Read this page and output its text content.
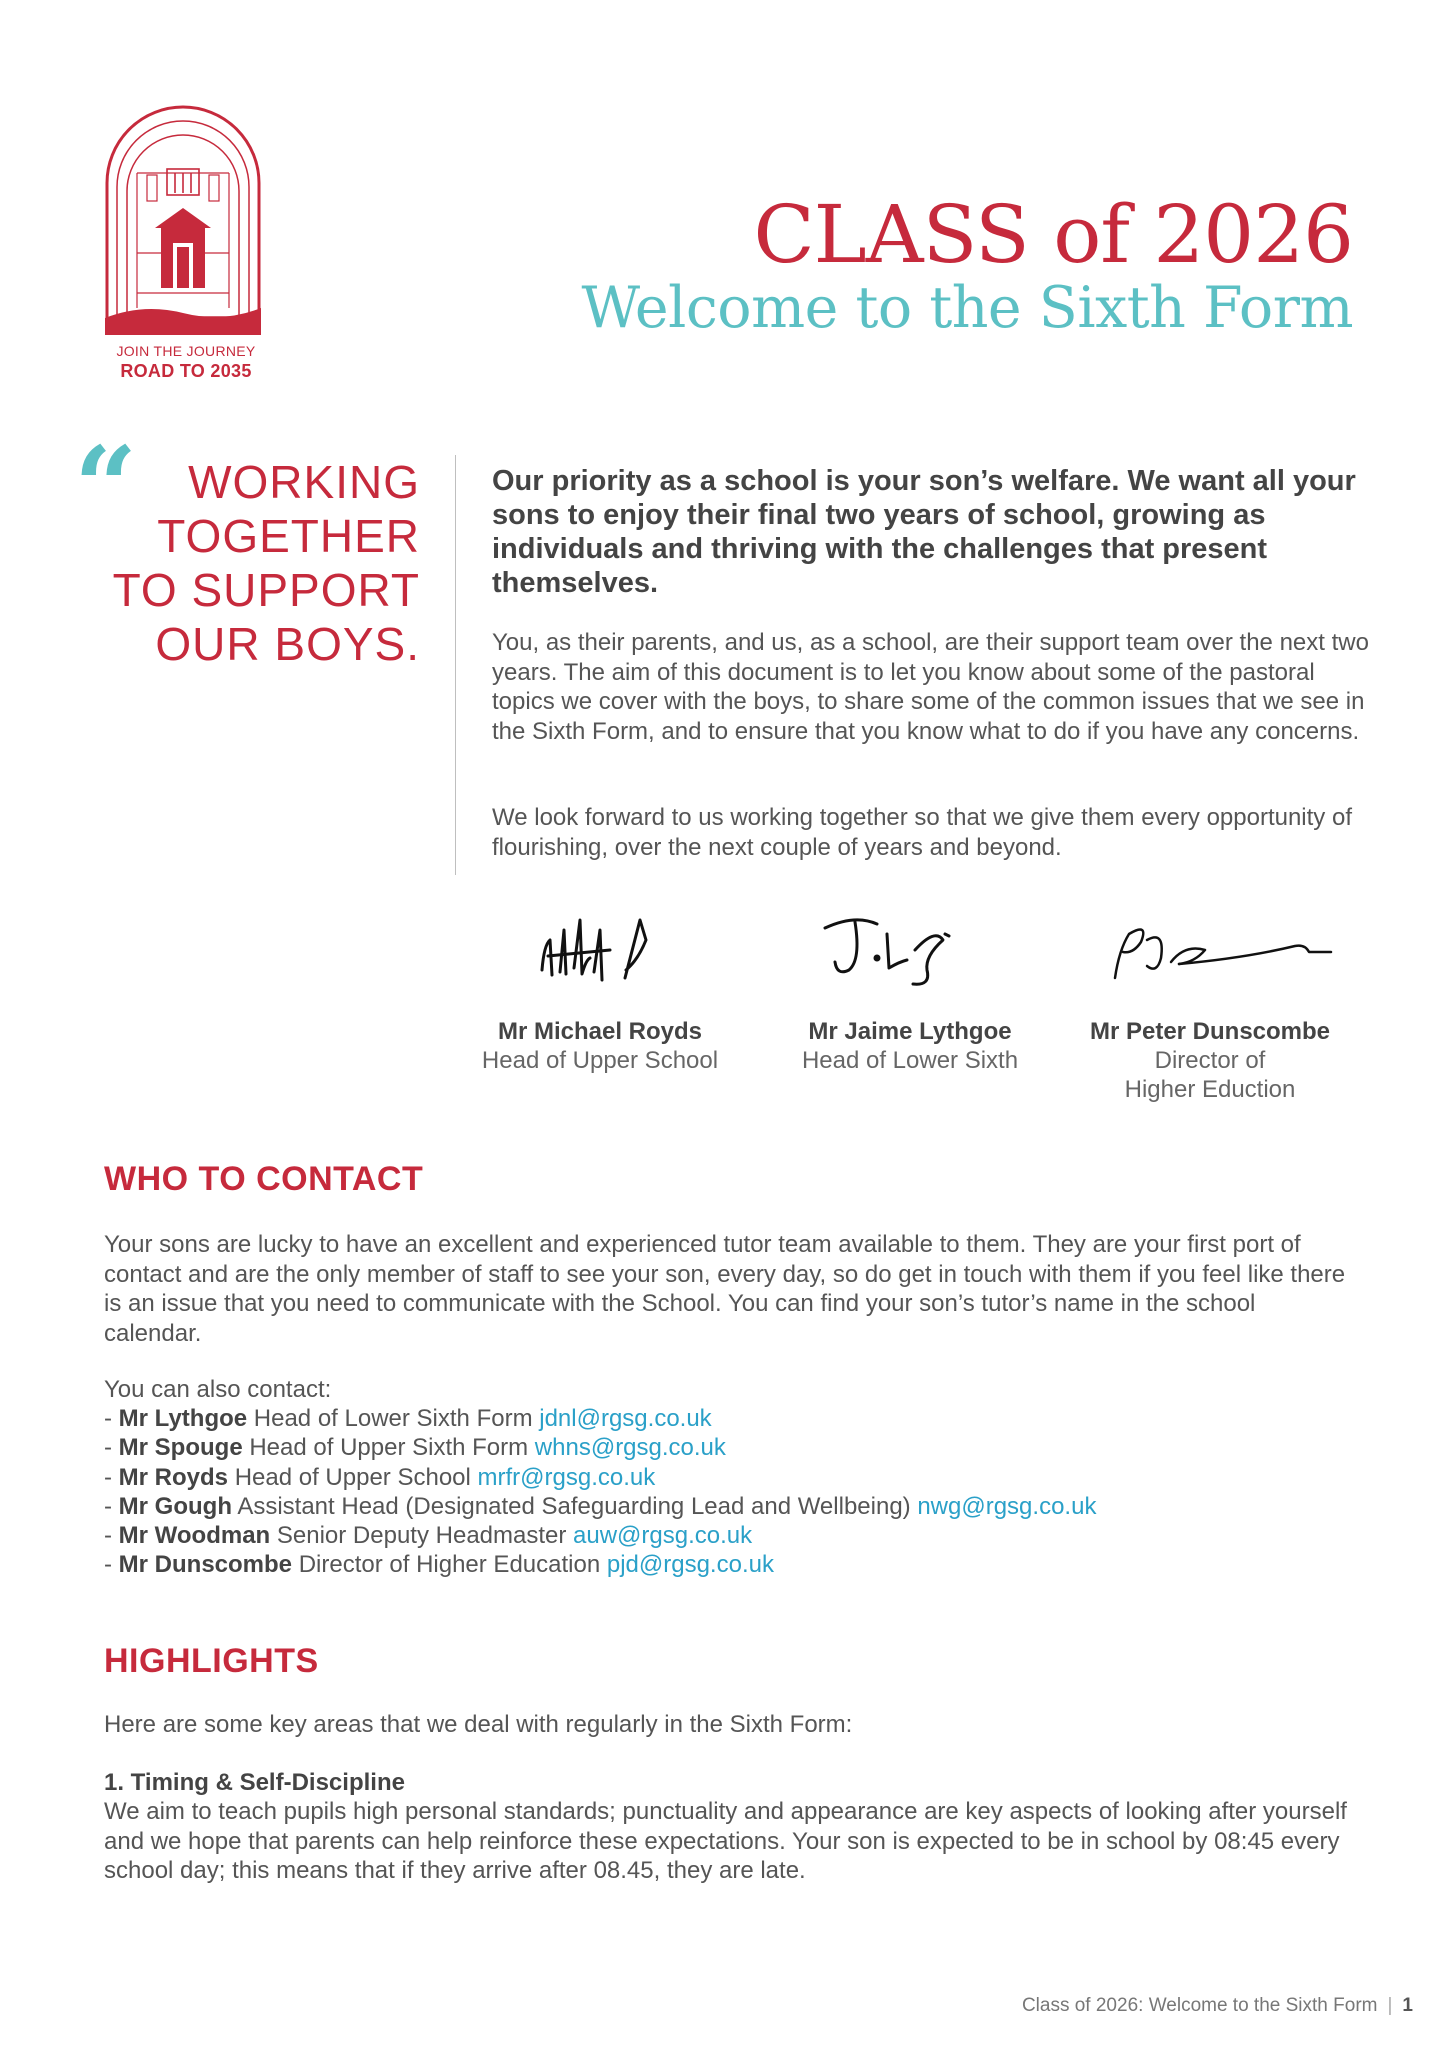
JOIN THE JOURNEY
ROAD TO 2035
CLASS of 2026
Welcome to the Sixth Form
“	WORKING
TOGETHER
TO SUPPORT
OUR BOYS.
Our priority as a school is your son’s welfare. We want all your sons to enjoy their final two years of school, growing as individuals and thriving with the challenges that present themselves.
You, as their parents, and us, as a school, are their support team over the next two years. The aim of this document is to let you know about some of the pastoral topics we cover with the boys, to share some of the common issues that we see in the Sixth Form, and to ensure that you know what to do if you have any concerns.
We look forward to us working together so that we give them every opportunity of flourishing, over the next couple of years and beyond.
Mr Michael Royds
Head of Upper School
Mr Jaime Lythgoe
Head of Lower Sixth
Mr Peter Dunscombe
Director of
Higher Eduction
WHO TO CONTACT
Your sons are lucky to have an excellent and experienced tutor team available to them. They are your first port of contact and are the only member of staff to see your son, every day, so do get in touch with them if you feel like there is an issue that you need to communicate with the School. You can find your son’s tutor’s name in the school calendar.
You can also contact:
- Mr Lythgoe Head of Lower Sixth Form jdnl@rgsg.co.uk
- Mr Spouge Head of Upper Sixth Form whns@rgsg.co.uk
- Mr Royds Head of Upper School mrfr@rgsg.co.uk
- Mr Gough Assistant Head (Designated Safeguarding Lead and Wellbeing) nwg@rgsg.co.uk
- Mr Woodman Senior Deputy Headmaster auw@rgsg.co.uk
- Mr Dunscombe Director of Higher Education pjd@rgsg.co.uk
HIGHLIGHTS
Here are some key areas that we deal with regularly in the Sixth Form:
1. Timing & Self-Discipline
We aim to teach pupils high personal standards; punctuality and appearance are key aspects of looking after yourself and we hope that parents can help reinforce these expectations. Your son is expected to be in school by 08:45 every school day; this means that if they arrive after 08.45, they are late.
Class of 2026: Welcome to the Sixth Form | 1
